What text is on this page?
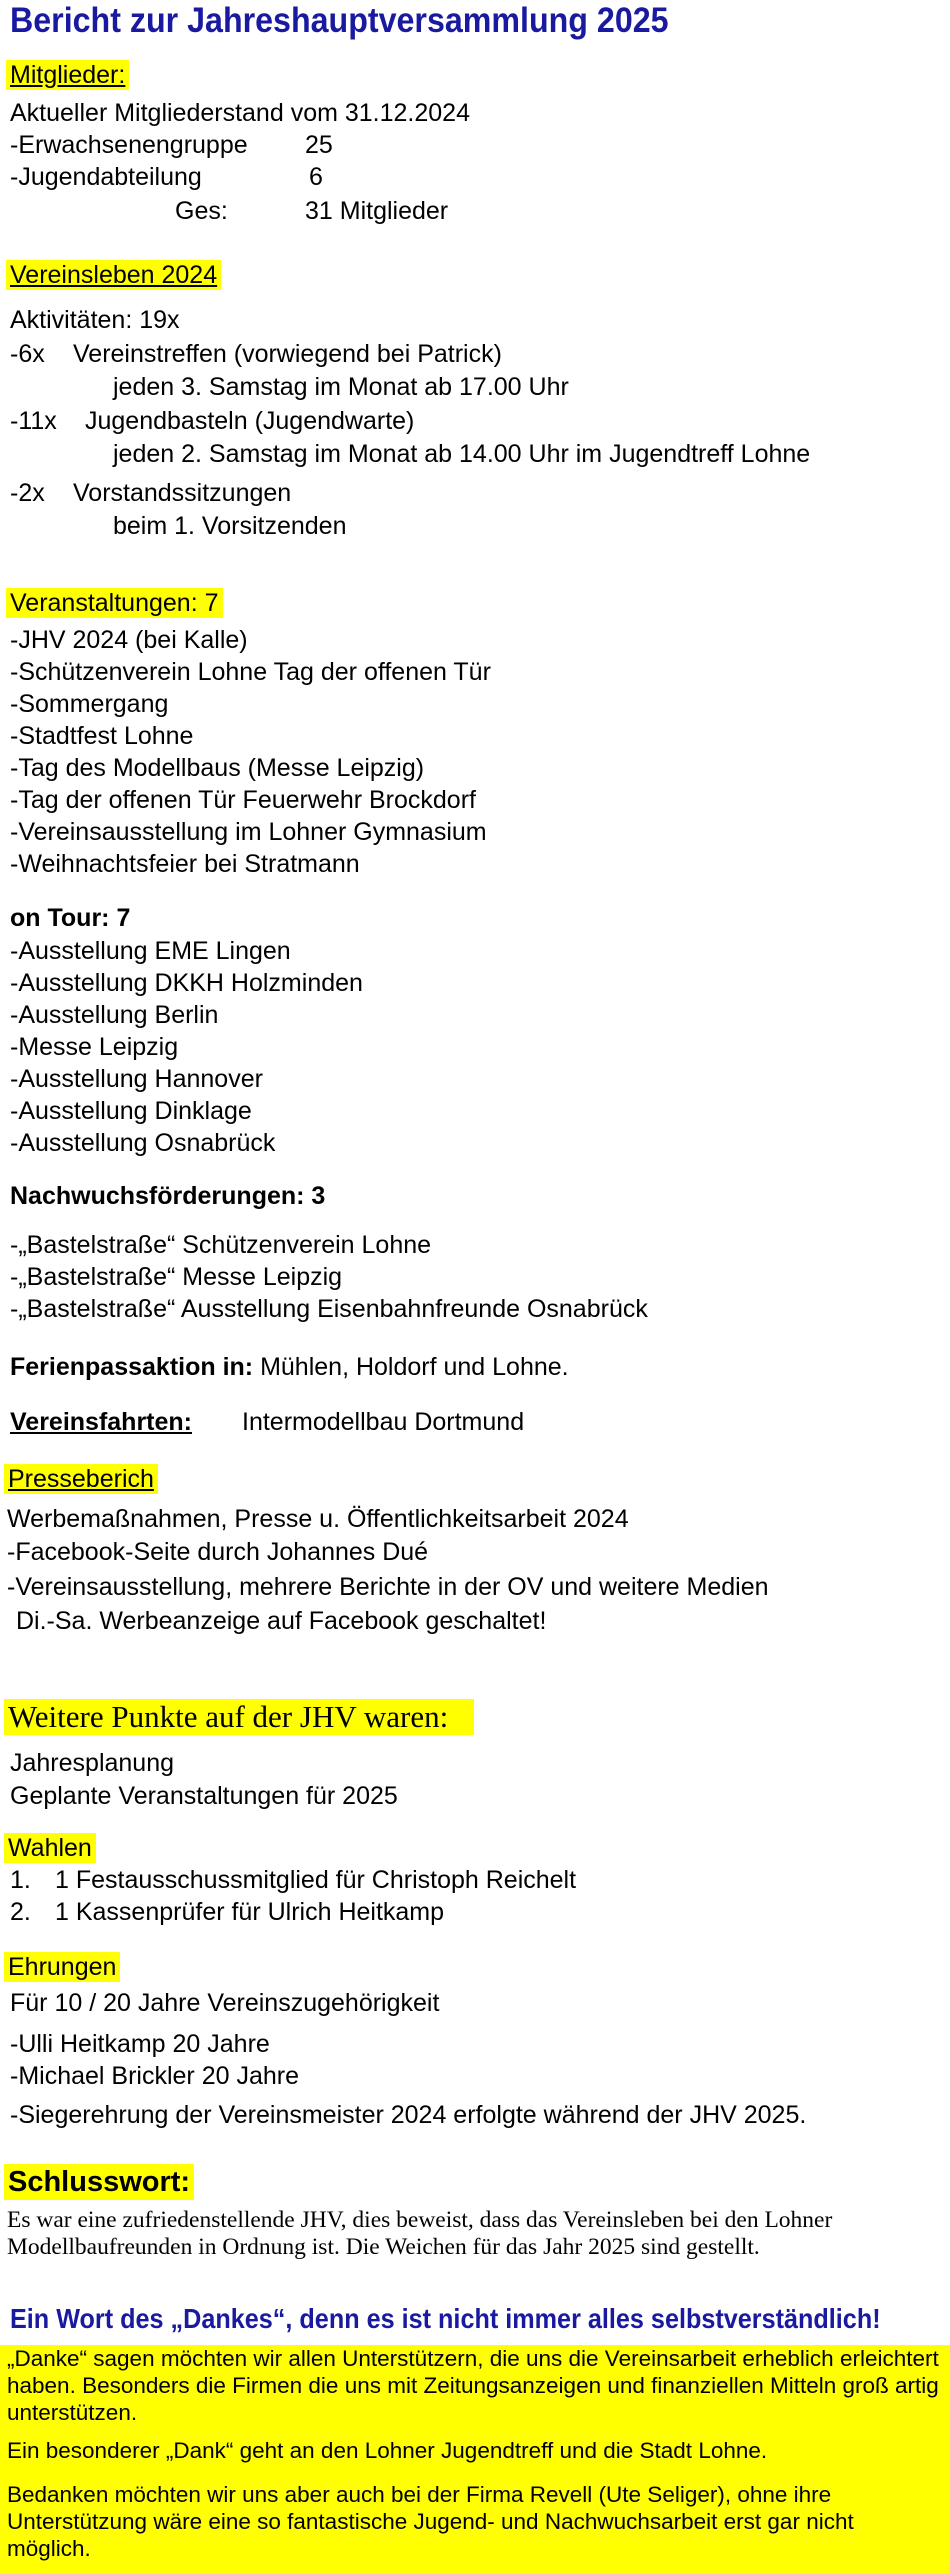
Bericht zur Jahreshauptversammlung 2025
Mitglieder:
Aktueller Mitgliederstand vom 31.12.2024
-Erwachsenengruppe 25
-Jugendabteilung	6
Ges:	31 Mitglieder
Vereinsleben 2024
Aktivitäten: 19x
-6x Vereinstreffen (vorwiegend bei Patrick)
jeden 3. Samstag im Monat ab 17.00 Uhr
-11x Jugendbasteln (Jugendwarte)
jeden 2. Samstag im Monat ab 14.00 Uhr im Jugendtreff Lohne
-2x Vorstandssitzungen
beim 1. Vorsitzenden
Veranstaltungen: 7
-JHV 2024 (bei Kalle)
-Schützenverein Lohne Tag der offenen Tür
-Sommergang
-Stadtfest Lohne
-Tag des Modellbaus (Messe Leipzig)
-Tag der offenen Tür Feuerwehr Brockdorf
-Vereinsausstellung im Lohner Gymnasium
-Weihnachtsfeier bei Stratmann
on Tour: 7
-Ausstellung EME Lingen
-Ausstellung DKKH Holzminden
-Ausstellung Berlin
-Messe Leipzig
-Ausstellung Hannover
-Ausstellung Dinklage
-Ausstellung Osnabrück
Nachwuchsförderungen: 3
-„Bastelstraße“ Schützenverein Lohne
-„Bastelstraße“ Messe Leipzig
-„Bastelstraße“ Ausstellung Eisenbahnfreunde Osnabrück
Ferienpassaktion in: Mühlen, Holdorf und Lohne.
Vereinsfahrten: Intermodellbau Dortmund
Presseberich
Werbemaßnahmen, Presse u. Öffentlichkeitsarbeit 2024
-Facebook-Seite durch Johannes Dué
-Vereinsausstellung, mehrere Berichte in der OV und weitere Medien
Di.-Sa. Werbeanzeige auf Facebook geschaltet!
Weitere Punkte auf der JHV waren:
Jahresplanung
Geplante Veranstaltungen für 2025
Wahlen
1. 1 Festausschussmitglied für Christoph Reichelt
2. 1 Kassenprüfer für Ulrich Heitkamp
Ehrungen
Für 10 / 20 Jahre Vereinszugehörigkeit
-Ulli Heitkamp 20 Jahre
-Michael Brickler 20 Jahre
-Siegerehrung der Vereinsmeister 2024 erfolgte während der JHV 2025.
Schlusswort:
Es war eine zufriedenstellende JHV, dies beweist, dass das Vereinsleben bei den Lohner Modellbaufreunden in Ordnung ist. Die Weichen für das Jahr 2025 sind gestellt.
Ein Wort des „Dankes“, denn es ist nicht immer alles selbstverständlich!
„Danke“ sagen möchten wir allen Unterstützern, die uns die Vereinsarbeit erheblich erleichtert haben. Besonders die Firmen die uns mit Zeitungsanzeigen und finanziellen Mitteln groß artig unterstützen.
Ein besonderer „Dank“ geht an den Lohner Jugendtreff und die Stadt Lohne.
Bedanken möchten wir uns aber auch bei der Firma Revell (Ute Seliger), ohne ihre Unterstützung wäre eine so fantastische Jugend- und Nachwuchsarbeit erst gar nicht möglich.
